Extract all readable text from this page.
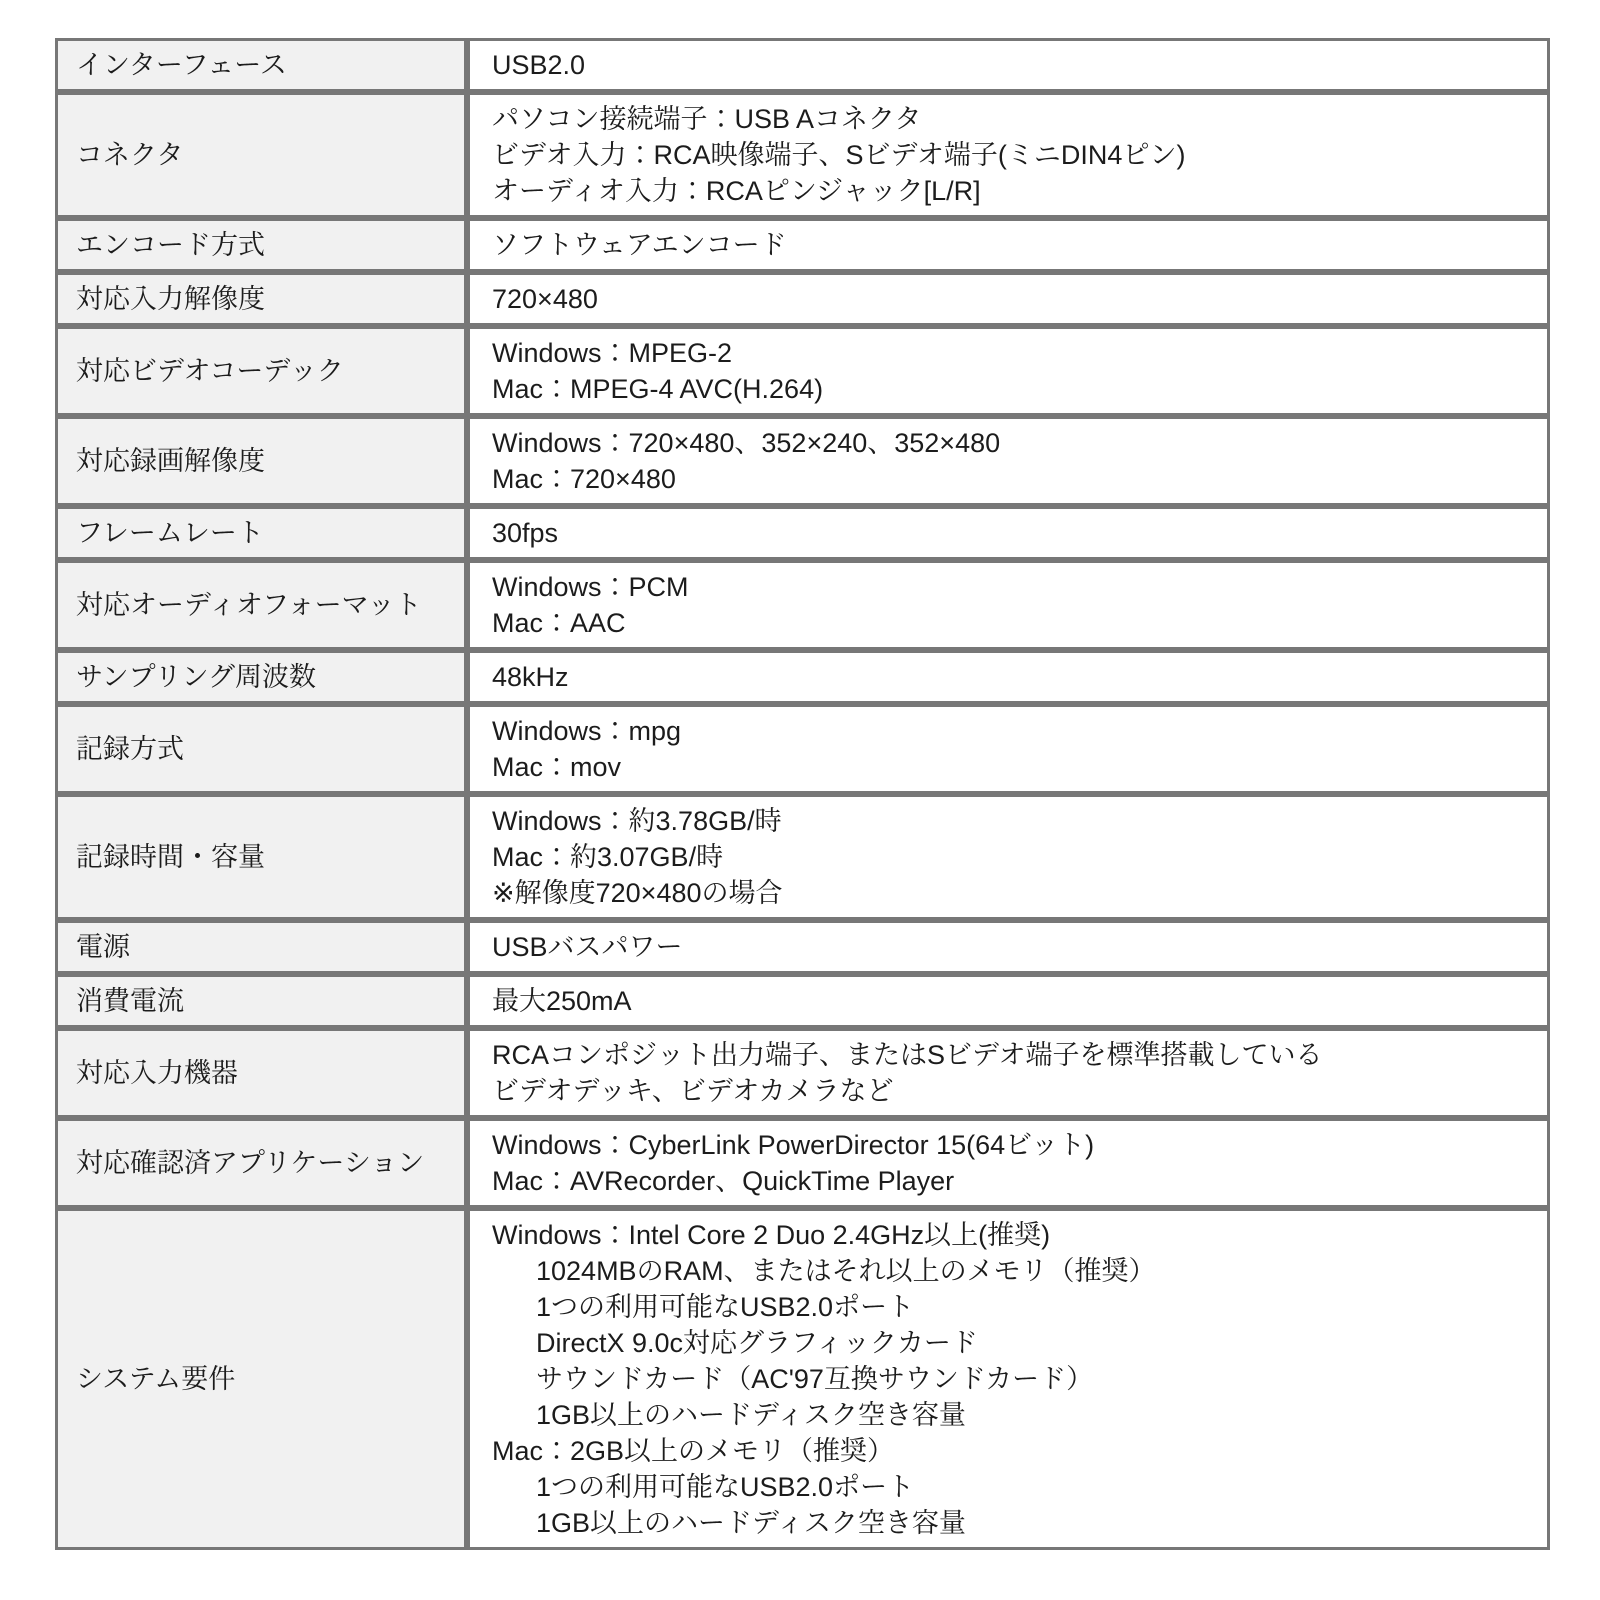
インターフェース	USB2.0

コネクタ	パソコン接続端子：USB Aコネクタ
ビデオ入力：RCA映像端子、Sビデオ端子(ミニDIN4ピン)
オーディオ入力：RCAピンジャック[L/R]

エンコード方式	ソフトウェアエンコード

対応入力解像度	720×480

対応ビデオコーデック	Windows：MPEG-2
Mac：MPEG-4 AVC(H.264)

対応録画解像度	Windows：720×480、352×240、352×480
Mac：720×480

フレームレート	30fps

対応オーディオフォーマット	Windows：PCM
Mac：AAC

サンプリング周波数	48kHz

記録方式	Windows：mpg
Mac：mov

記録時間・容量	Windows：約3.78GB/時
Mac：約3.07GB/時
※解像度720×480の場合

電源	USBバスパワー

消費電流	最大250mA

対応入力機器	RCAコンポジット出力端子、またはSビデオ端子を標準搭載している
ビデオデッキ、ビデオカメラなど

対応確認済アプリケーション	Windows：CyberLink PowerDirector 15(64ビット)
Mac：AVRecorder、QuickTime Player

システム要件	
Windows：Intel Core 2 Duo 2.4GHz以上(推奨)
1024MBのRAM、またはそれ以上のメモリ（推奨）
1つの利用可能なUSB2.0ポート
DirectX 9.0c対応グラフィックカード
サウンドカード（AC'97互換サウンドカード）
1GB以上のハードディスク空き容量
Mac：2GB以上のメモリ（推奨）
1つの利用可能なUSB2.0ポート
1GB以上のハードディスク空き容量
